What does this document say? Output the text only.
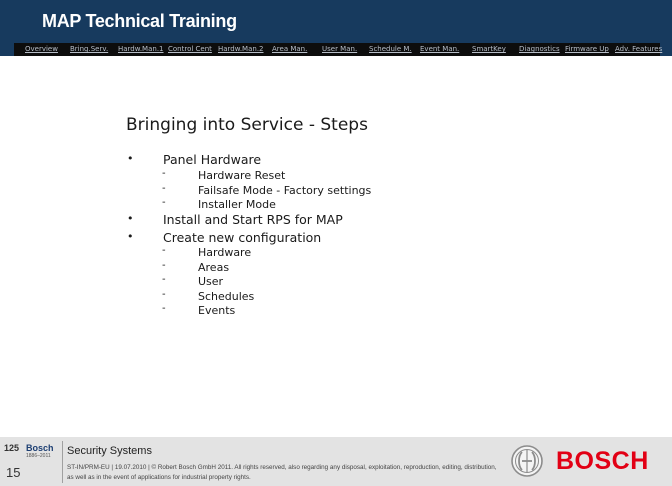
MAP Technical Training
Overview Bring.Serv. Hardw.Man.1 Control Cent Hardw.Man.2 Area Man. User Man. Schedule M. Event Man. SmartKey Diagnostics Firmware Up Adv. Features
Bringing into Service - Steps
• Panel Hardware
-	Hardware Reset
-	Failsafe Mode - Factory settings
-	Installer Mode
• Install and Start RPS for MAP
• Create new configuration
-	Hardware
-	Areas
-	User
-	Schedules
-	Events
125 Bosch
1886–2011
15
Security Systems
ST-IN/PRM-EU | 19.07.2010 | © Robert Bosch GmbH 2011. All rights reserved, also regarding any disposal, exploitation, reproduction, editing, distribution, as well as in the event of applications for industrial property rights.
BOSCH
